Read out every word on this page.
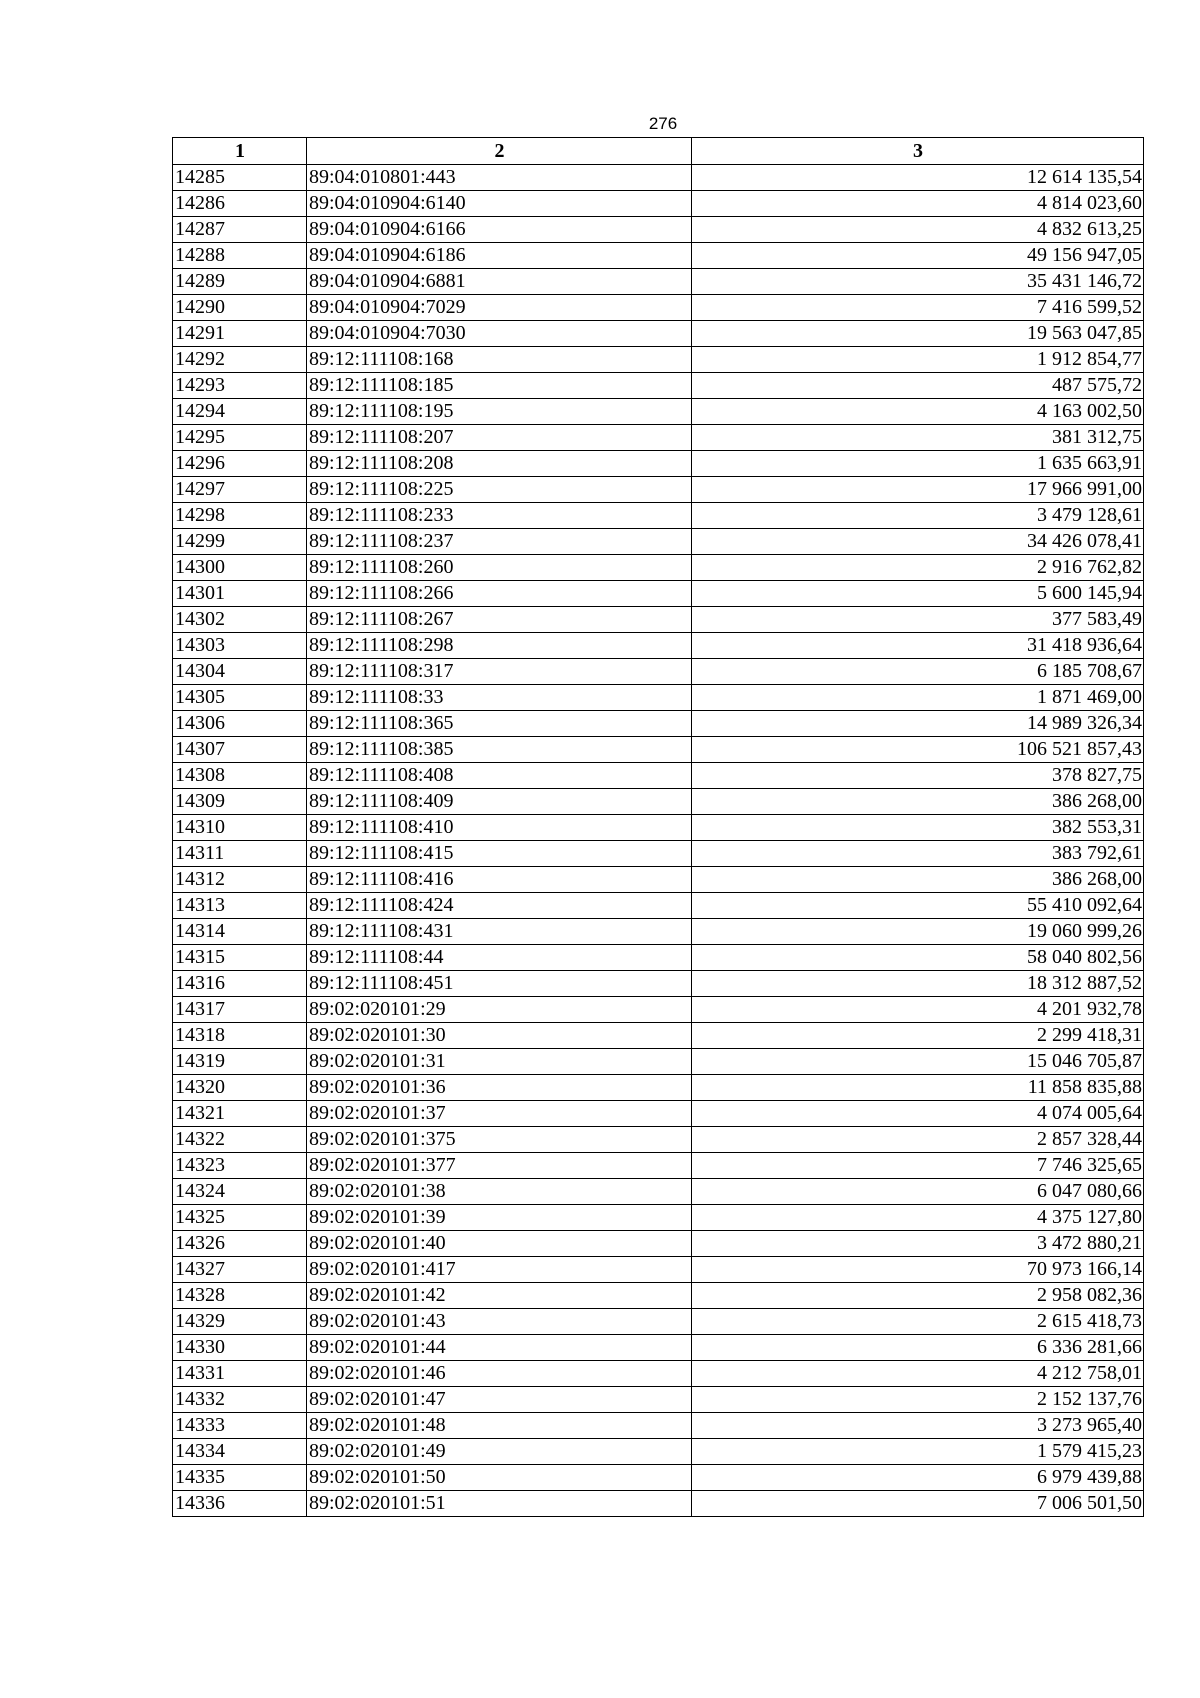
276
1	2	3
14285	89:04:010801:443	12 614 135,54
14286	89:04:010904:6140	4 814 023,60
14287	89:04:010904:6166	4 832 613,25
14288	89:04:010904:6186	49 156 947,05
14289	89:04:010904:6881	35 431 146,72
14290	89:04:010904:7029	7 416 599,52
14291	89:04:010904:7030	19 563 047,85
14292	89:12:111108:168	1 912 854,77
14293	89:12:111108:185	487 575,72
14294	89:12:111108:195	4 163 002,50
14295	89:12:111108:207	381 312,75
14296	89:12:111108:208	1 635 663,91
14297	89:12:111108:225	17 966 991,00
14298	89:12:111108:233	3 479 128,61
14299	89:12:111108:237	34 426 078,41
14300	89:12:111108:260	2 916 762,82
14301	89:12:111108:266	5 600 145,94
14302	89:12:111108:267	377 583,49
14303	89:12:111108:298	31 418 936,64
14304	89:12:111108:317	6 185 708,67
14305	89:12:111108:33	1 871 469,00
14306	89:12:111108:365	14 989 326,34
14307	89:12:111108:385	106 521 857,43
14308	89:12:111108:408	378 827,75
14309	89:12:111108:409	386 268,00
14310	89:12:111108:410	382 553,31
14311	89:12:111108:415	383 792,61
14312	89:12:111108:416	386 268,00
14313	89:12:111108:424	55 410 092,64
14314	89:12:111108:431	19 060 999,26
14315	89:12:111108:44	58 040 802,56
14316	89:12:111108:451	18 312 887,52
14317	89:02:020101:29	4 201 932,78
14318	89:02:020101:30	2 299 418,31
14319	89:02:020101:31	15 046 705,87
14320	89:02:020101:36	11 858 835,88
14321	89:02:020101:37	4 074 005,64
14322	89:02:020101:375	2 857 328,44
14323	89:02:020101:377	7 746 325,65
14324	89:02:020101:38	6 047 080,66
14325	89:02:020101:39	4 375 127,80
14326	89:02:020101:40	3 472 880,21
14327	89:02:020101:417	70 973 166,14
14328	89:02:020101:42	2 958 082,36
14329	89:02:020101:43	2 615 418,73
14330	89:02:020101:44	6 336 281,66
14331	89:02:020101:46	4 212 758,01
14332	89:02:020101:47	2 152 137,76
14333	89:02:020101:48	3 273 965,40
14334	89:02:020101:49	1 579 415,23
14335	89:02:020101:50	6 979 439,88
14336	89:02:020101:51	7 006 501,50
